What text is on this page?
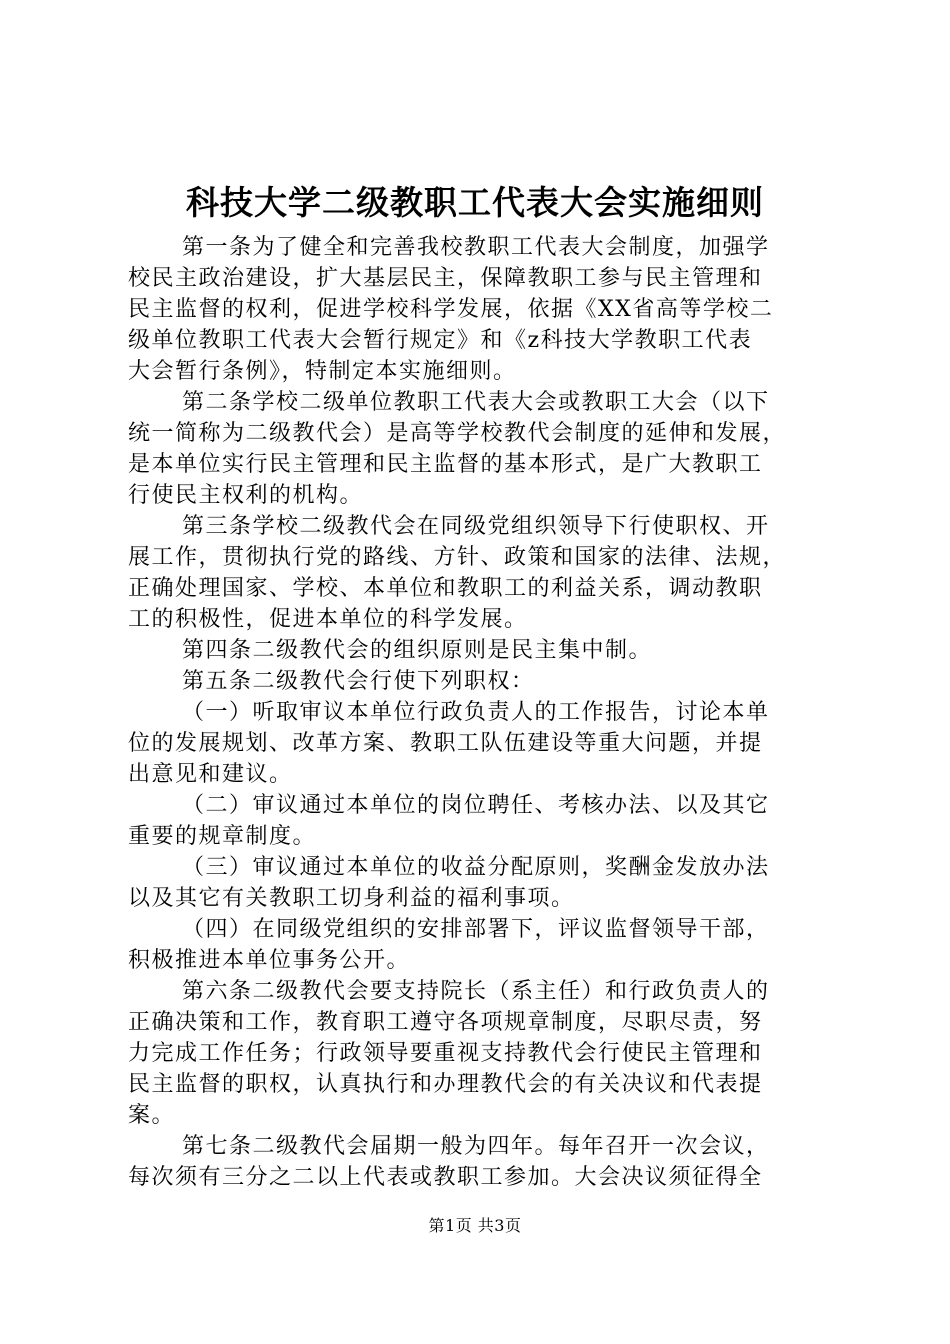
科技大学二级教职工代表大会实施细则
第一条为了健全和完善我校教职工代表大会制度，加强学
校民主政治建设，扩大基层民主，保障教职工参与民主管理和
民主监督的权利，促进学校科学发展，依据《XX省高等学校二
级单位教职工代表大会暂行规定》和《z科技大学教职工代表
大会暂行条例》，特制定本实施细则。
第二条学校二级单位教职工代表大会或教职工大会（以下
统一简称为二级教代会）是高等学校教代会制度的延伸和发展，
是本单位实行民主管理和民主监督的基本形式，是广大教职工
行使民主权利的机构。
第三条学校二级教代会在同级党组织领导下行使职权、开
展工作，贯彻执行党的路线、方针、政策和国家的法律、法规，
正确处理国家、学校、本单位和教职工的利益关系，调动教职
工的积极性，促进本单位的科学发展。
第四条二级教代会的组织原则是民主集中制。
第五条二级教代会行使下列职权：
（一）听取审议本单位行政负责人的工作报告，讨论本单
位的发展规划、改革方案、教职工队伍建设等重大问题，并提
出意见和建议。
（二）审议通过本单位的岗位聘任、考核办法、以及其它
重要的规章制度。
（三）审议通过本单位的收益分配原则，奖酬金发放办法
以及其它有关教职工切身利益的福利事项。
（四）在同级党组织的安排部署下，评议监督领导干部，
积极推进本单位事务公开。
第六条二级教代会要支持院长（系主任）和行政负责人的
正确决策和工作，教育职工遵守各项规章制度，尽职尽责，努
力完成工作任务；行政领导要重视支持教代会行使民主管理和
民主监督的职权，认真执行和办理教代会的有关决议和代表提
案。
第七条二级教代会届期一般为四年。每年召开一次会议，
每次须有三分之二以上代表或教职工参加。大会决议须征得全
第1页 共3页
